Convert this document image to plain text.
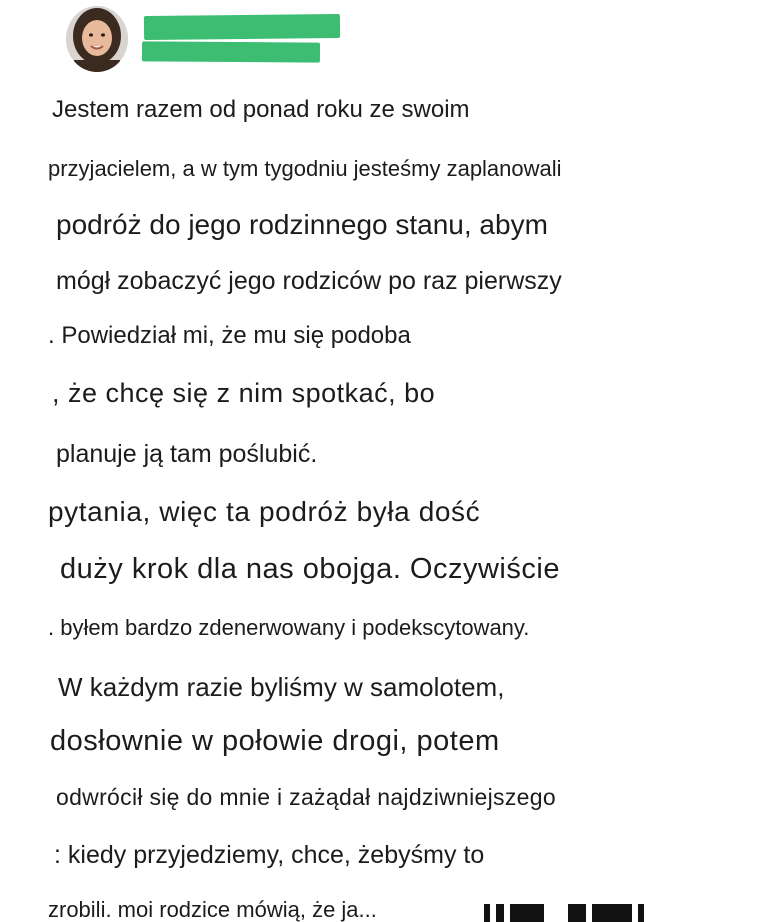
Jestem razem od ponad roku ze swoim
przyjacielem, a w tym tygodniu jesteśmy zaplanowali
podróż do jego rodzinnego stanu, abym
mógł zobaczyć jego rodziców po raz pierwszy
. Powiedział mi, że mu się podoba
, że chcę się z nim spotkać, bo
planuje ją tam poślubić.
pytania, więc ta podróż była dość
duży krok dla nas obojga. Oczywiście
. byłem bardzo zdenerwowany i podekscytowany.
W każdym razie byliśmy w samolotem,
dosłownie w połowie drogi, potem
odwrócił się do mnie i zażądał najdziwniejszego
: kiedy przyjedziemy, chce, żebyśmy to
zrobili. moi rodzice mówią, że ja...
